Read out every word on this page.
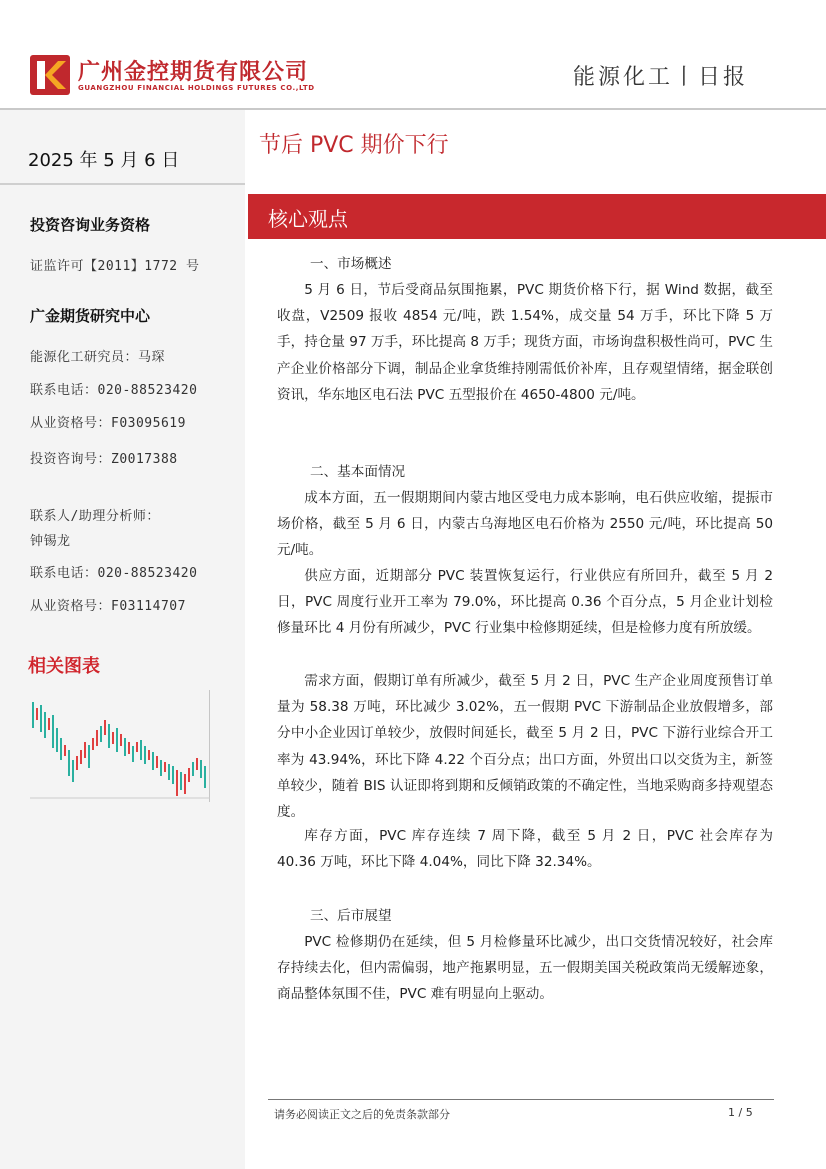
广州金控期货有限公司
GUANGZHOU FINANCIAL HOLDINGS FUTURES CO.,LTD	能源化工丨日报
2025 年 5 月 6 日
投资咨询业务资格
证监许可【2011】1772 号
广金期货研究中心
能源化工研究员：马琛
联系电话：020-88523420
从业资格号：F03095619
投资咨询号：Z0017388
联系人/助理分析师：
钟锡龙
联系电话：020-88523420
从业资格号：F03114707
相关图表
节后 PVC 期价下行
核心观点
一、市场概述
5 月 6 日，节后受商品氛围拖累，PVC 期货价格下行，据 Wind 数据，截至收盘，V2509 报收 4854 元/吨，跌 1.54%，成交量 54 万手，环比下降 5 万手，持仓量 97 万手，环比提高 8 万手；现货方面，市场询盘积极性尚可，PVC 生产企业价格部分下调，制品企业拿货维持刚需低价补库，且存观望情绪，据金联创资讯，华东地区电石法 PVC 五型报价在 4650-4800 元/吨。
二、基本面情况
成本方面，五一假期期间内蒙古地区受电力成本影响，电石供应收缩，提振市场价格，截至 5 月 6 日，内蒙古乌海地区电石价格为 2550 元/吨，环比提高 50 元/吨。
供应方面，近期部分 PVC 装置恢复运行，行业供应有所回升，截至 5 月 2 日，PVC 周度行业开工率为 79.0%，环比提高 0.36 个百分点，5 月企业计划检修量环比 4 月份有所减少，PVC 行业集中检修期延续，但是检修力度有所放缓。
需求方面，假期订单有所减少，截至 5 月 2 日，PVC 生产企业周度预售订单量为 58.38 万吨，环比减少 3.02%，五一假期 PVC 下游制品企业放假增多，部分中小企业因订单较少，放假时间延长，截至 5 月 2 日，PVC 下游行业综合开工率为 43.94%，环比下降 4.22 个百分点；出口方面，外贸出口以交货为主，新签单较少，随着 BIS 认证即将到期和反倾销政策的不确定性，当地采购商多持观望态度。
库存方面，PVC 库存连续 7 周下降，截至 5 月 2 日，PVC 社会库存为 40.36 万吨，环比下降 4.04%，同比下降 32.34%。
三、后市展望
PVC 检修期仍在延续，但 5 月检修量环比减少，出口交货情况较好，社会库存持续去化，但内需偏弱，地产拖累明显，五一假期美国关税政策尚无缓解迹象，商品整体氛围不佳，PVC 难有明显向上驱动。
请务必阅读正文之后的免责条款部分	1 / 5
